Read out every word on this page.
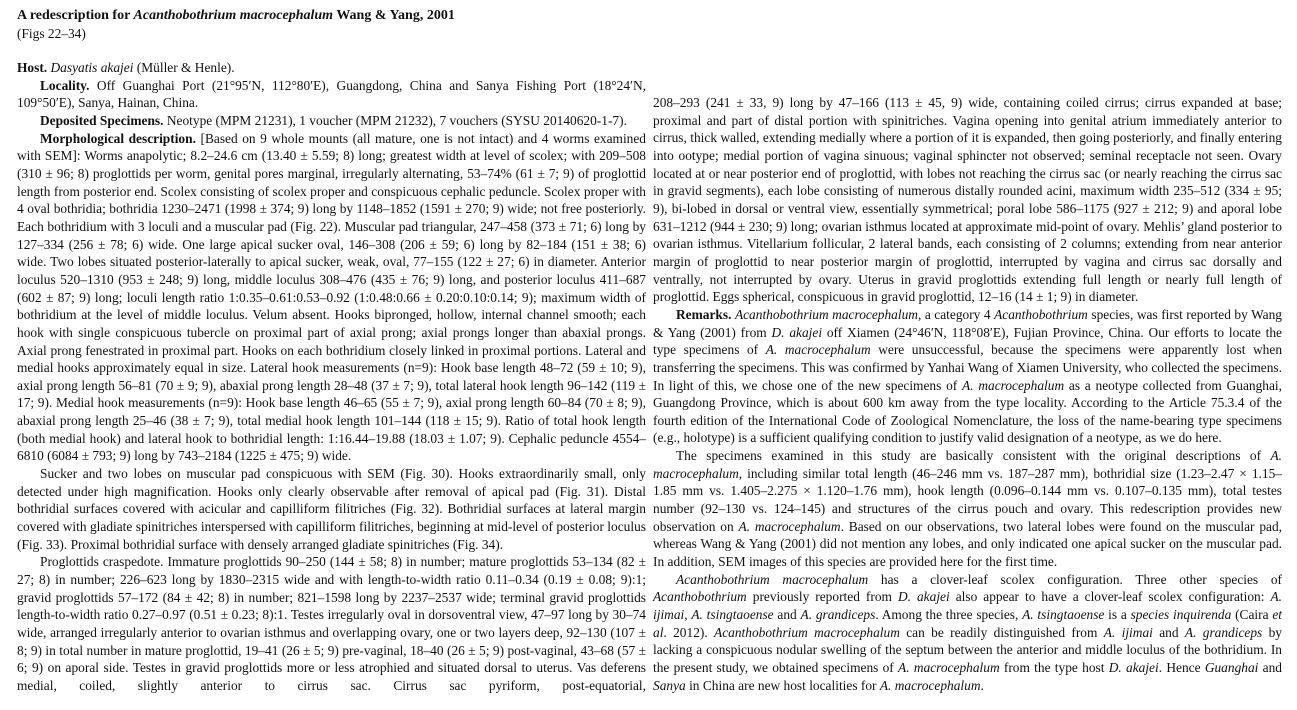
A redescription for Acanthobothrium macrocephalum Wang & Yang, 2001
(Figs 22–34)

Host. Dasyatis akajei (Müller & Henle).

Locality. Off Guanghai Port (21°95′N, 112°80′E), Guangdong, China and Sanya Fishing Port (18°24′N, 109°50′E), Sanya, Hainan, China.

Deposited Specimens. Neotype (MPM 21231), 1 voucher (MPM 21232), 7 vouchers (SYSU 20140620-1-7).

Morphological description. [Based on 9 whole mounts (all mature, one is not intact) and 4 worms examined with SEM]: Worms anapolytic; 8.2–24.6 cm (13.40 ± 5.59; 8) long; greatest width at level of scolex; with 209–508 (310 ± 96; 8) proglottids per worm, genital pores marginal, irregularly alternating, 53–74% (61 ± 7; 9) of proglottid length from posterior end. Scolex consisting of scolex proper and conspicuous cephalic peduncle. Scolex proper with 4 oval bothridia; bothridia 1230–2471 (1998 ± 374; 9) long by 1148–1852 (1591 ± 270; 9) wide; not free posteriorly. Each bothridium with 3 loculi and a muscular pad (Fig. 22). Muscular pad triangular, 247–458 (373 ± 71; 6) long by 127–334 (256 ± 78; 6) wide. One large apical sucker oval, 146–308 (206 ± 59; 6) long by 82–184 (151 ± 38; 6) wide. Two lobes situated posterior-laterally to apical sucker, weak, oval, 77–155 (122 ± 27; 6) in diameter. Anterior loculus 520–1310 (953 ± 248; 9) long, middle loculus 308–476 (435 ± 76; 9) long, and posterior loculus 411–687 (602 ± 87; 9) long; loculi length ratio 1:0.35–0.61:0.53–0.92 (1:0.48:0.66 ± 0.20:0.10:0.14; 9); maximum width of bothridium at the level of middle loculus. Velum absent. Hooks bipronged, hollow, internal channel smooth; each hook with single conspicuous tubercle on proximal part of axial prong; axial prongs longer than abaxial prongs. Axial prong fenestrated in proximal part. Hooks on each bothridium closely linked in proximal portions. Lateral and medial hooks approximately equal in size. Lateral hook measurements (n=9): Hook base length 48–72 (59 ± 10; 9), axial prong length 56–81 (70 ± 9; 9), abaxial prong length 28–48 (37 ± 7; 9), total lateral hook length 96–142 (119 ± 17; 9). Medial hook measurements (n=9): Hook base length 46–65 (55 ± 7; 9), axial prong length 60–84 (70 ± 8; 9), abaxial prong length 25–46 (38 ± 7; 9), total medial hook length 101–144 (118 ± 15; 9). Ratio of total hook length (both medial hook) and lateral hook to bothridial length: 1:16.44–19.88 (18.03 ± 1.07; 9). Cephalic peduncle 4554–6810 (6084 ± 793; 9) long by 743–2184 (1225 ± 475; 9) wide.

Sucker and two lobes on muscular pad conspicuous with SEM (Fig. 30). Hooks extraordinarily small, only detected under high magnification. Hooks only clearly observable after removal of apical pad (Fig. 31). Distal bothridial surfaces covered with acicular and capilliform filitriches (Fig. 32). Bothridial surfaces at lateral margin covered with gladiate spinitriches interspersed with capilliform filitriches, beginning at mid-level of posterior loculus (Fig. 33). Proximal bothridial surface with densely arranged gladiate spinitriches (Fig. 34).

Proglottids craspedote. Immature proglottids 90–250 (144 ± 58; 8) in number; mature proglottids 53–134 (82 ± 27; 8) in number; 226–623 long by 1830–2315 wide and with length-to-width ratio 0.11–0.34 (0.19 ± 0.08; 9):1; gravid proglottids 57–172 (84 ± 42; 8) in number; 821–1598 long by 2237–2537 wide; terminal gravid proglottids length-to-width ratio 0.27–0.97 (0.51 ± 0.23; 8):1. Testes irregularly oval in dorsoventral view, 47–97 long by 30–74 wide, arranged irregularly anterior to ovarian isthmus and overlapping ovary, one or two layers deep, 92–130 (107 ± 8; 9) in total number in mature proglottid, 19–41 (26 ± 5; 9) pre-vaginal, 18–40 (26 ± 5; 9) post-vaginal, 43–68 (57 ± 6; 9) on aporal side. Testes in gravid proglottids more or less atrophied and situated dorsal to uterus. Vas deferens medial, coiled, slightly anterior to cirrus sac. Cirrus sac pyriform, post-equatorial,

208–293 (241 ± 33, 9) long by 47–166 (113 ± 45, 9) wide, containing coiled cirrus; cirrus expanded at base; proximal and part of distal portion with spinitriches. Vagina opening into genital atrium immediately anterior to cirrus, thick walled, extending medially where a portion of it is expanded, then going posteriorly, and finally entering into ootype; medial portion of vagina sinuous; vaginal sphincter not observed; seminal receptacle not seen. Ovary located at or near posterior end of proglottid, with lobes not reaching the cirrus sac (or nearly reaching the cirrus sac in gravid segments), each lobe consisting of numerous distally rounded acini, maximum width 235–512 (334 ± 95; 9), bi-lobed in dorsal or ventral view, essentially symmetrical; poral lobe 586–1175 (927 ± 212; 9) and aporal lobe 631–1212 (944 ± 230; 9) long; ovarian isthmus located at approximate mid-point of ovary. Mehlis’ gland posterior to ovarian isthmus. Vitellarium follicular, 2 lateral bands, each consisting of 2 columns; extending from near anterior margin of proglottid to near posterior margin of proglottid, interrupted by vagina and cirrus sac dorsally and ventrally, not interrupted by ovary. Uterus in gravid proglottids extending full length or nearly full length of proglottid. Eggs spherical, conspicuous in gravid proglottid, 12–16 (14 ± 1; 9) in diameter.

Remarks. Acanthobothrium macrocephalum, a category 4 Acanthobothrium species, was first reported by Wang & Yang (2001) from D. akajei off Xiamen (24°46′N, 118°08′E), Fujian Province, China. Our efforts to locate the type specimens of A. macrocephalum were unsuccessful, because the specimens were apparently lost when transferring the specimens. This was confirmed by Yanhai Wang of Xiamen University, who collected the specimens. In light of this, we chose one of the new specimens of A. macrocephalum as a neotype collected from Guanghai, Guangdong Province, which is about 600 km away from the type locality. According to the Article 75.3.4 of the fourth edition of the International Code of Zoological Nomenclature, the loss of the name-bearing type specimens (e.g., holotype) is a sufficient qualifying condition to justify valid designation of a neotype, as we do here.

The specimens examined in this study are basically consistent with the original descriptions of A. macrocephalum, including similar total length (46–246 mm vs. 187–287 mm), bothridial size (1.23–2.47 × 1.15–1.85 mm vs. 1.405–2.275 × 1.120–1.76 mm), hook length (0.096–0.144 mm vs. 0.107–0.135 mm), total testes number (92–130 vs. 124–145) and structures of the cirrus pouch and ovary. This redescription provides new observation on A. macrocephalum. Based on our observations, two lateral lobes were found on the muscular pad, whereas Wang & Yang (2001) did not mention any lobes, and only indicated one apical sucker on the muscular pad. In addition, SEM images of this species are provided here for the first time.

Acanthobothrium macrocephalum has a clover-leaf scolex configuration. Three other species of Acanthobothrium previously reported from D. akajei also appear to have a clover-leaf scolex configuration: A. ijimai, A. tsingtaoense and A. grandiceps. Among the three species, A. tsingtaoense is a species inquirenda (Caira et al. 2012). Acanthobothrium macrocephalum can be readily distinguished from A. ijimai and A. grandiceps by lacking a conspicuous nodular swelling of the septum between the anterior and middle loculus of the bothridium. In the present study, we obtained specimens of A. macrocephalum from the type host D. akajei. Hence Guanghai and Sanya in China are new host localities for A. macrocephalum.
